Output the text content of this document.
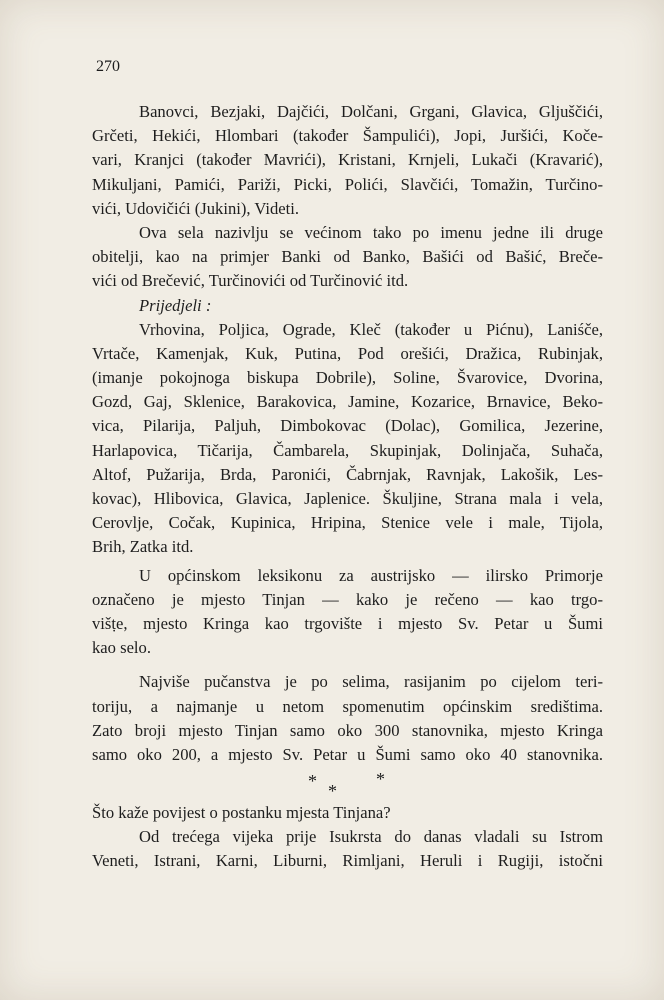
270
Banovci, Bezjaki, Dajčići, Dolčani, Grgani, Glavica, Gljuščići,
Grčeti, Hekići, Hlombari (također Šampulići), Jopi, Juršići, Koče-
vari, Kranjci (također Mavrići), Kristani, Krnjeli, Lukači (Kravarić),
Mikuljani, Pamići, Pariži, Picki, Polići, Slavčići, Tomažin, Turčino-
vići, Udovičići (Jukini), Videti.
Ova sela nazivlju se većinom tako po imenu jedne ili druge
obitelji, kao na primjer Banki od Banko, Bašići od Bašić, Breče-
vići od Brečević, Turčinovići od Turčinović itd.
Prijedjeli :
Vrhovina, Poljica, Ograde, Kleč (također u Pićnu), Laniśče,
Vrtače, Kamenjak, Kuk, Putina, Pod orešići, Dražica, Rubinjak,
(imanje pokojnoga biskupa Dobrile), Soline, Švarovice, Dvorina,
Gozd, Gaj, Sklenice, Barakovica, Jamine, Kozarice, Brnavice, Beko-
vica, Pilarija, Paljuh, Dimbokovac (Dolac), Gomilica, Jezerine,
Harlapovica, Tičarija, Čambarela, Skupinjak, Dolinjača, Suhača,
Altof, Pužarija, Brda, Paronići, Čabrnjak, Ravnjak, Lakošik, Les-
kovac), Hlibovica, Glavica, Japlenice. Škuljine, Strana mala i vela,
Cerovlje, Cočak, Kupinica, Hripina, Stenice vele i male, Tijola,
Brih, Zatka itd.
U općinskom leksikonu za austrijsko — ilirsko Primorje
označeno je mjesto Tinjan — kako je rečeno — kao trgo-
višṭe, mjesto Kringa kao trgovište i mjesto Sv. Petar u Šumi
kao selo.
Najviše pučanstva je po selima, rasijanim po cijelom teri-
toriju, a najmanje u netom spomenutim općinskim središtima.
Zato broji mjesto Tinjan samo oko 300 stanovnika, mjesto Kringa
samo oko 200, a mjesto Sv. Petar u Šumi samo oko 40 stanovnika.
* *
*
Što kaže povijest o postanku mjesta Tinjana?
Od trećega vijeka prije Isukrsta do danas vladali su Istrom
Veneti, Istrani, Karni, Liburni, Rimljani, Heruli i Rugiji, istočni
